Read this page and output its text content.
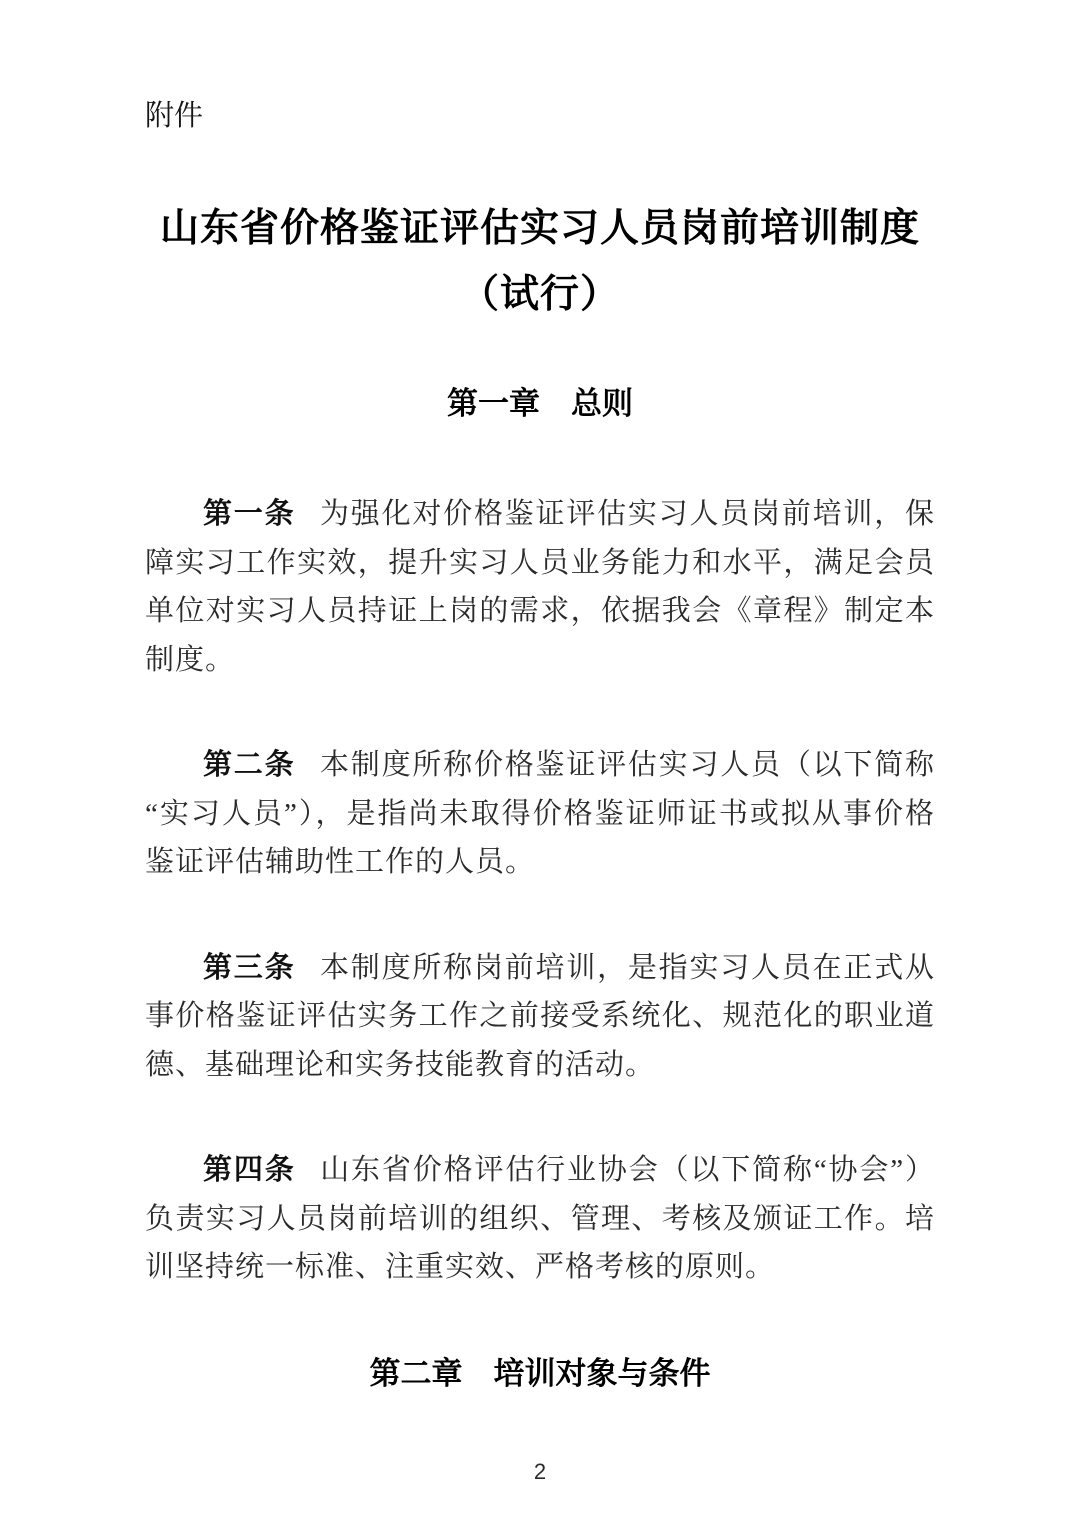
附件
山东省价格鉴证评估实习人员岗前培训制度
（试行）
第一章　总则

第一条 为强化对价格鉴证评估实习人员岗前培训，保障实习工作实效，提升实习人员业务能力和水平，满足会员单位对实习人员持证上岗的需求，依据我会《章程》制定本制度。

第二条 本制度所称价格鉴证评估实习人员（以下简称“实习人员”），是指尚未取得价格鉴证师证书或拟从事价格鉴证评估辅助性工作的人员。

第三条 本制度所称岗前培训，是指实习人员在正式从事价格鉴证评估实务工作之前接受系统化、规范化的职业道德、基础理论和实务技能教育的活动。

第四条 山东省价格评估行业协会（以下简称“协会”）负责实习人员岗前培训的组织、管理、考核及颁证工作。培训坚持统一标准、注重实效、严格考核的原则。

第二章　培训对象与条件
2
